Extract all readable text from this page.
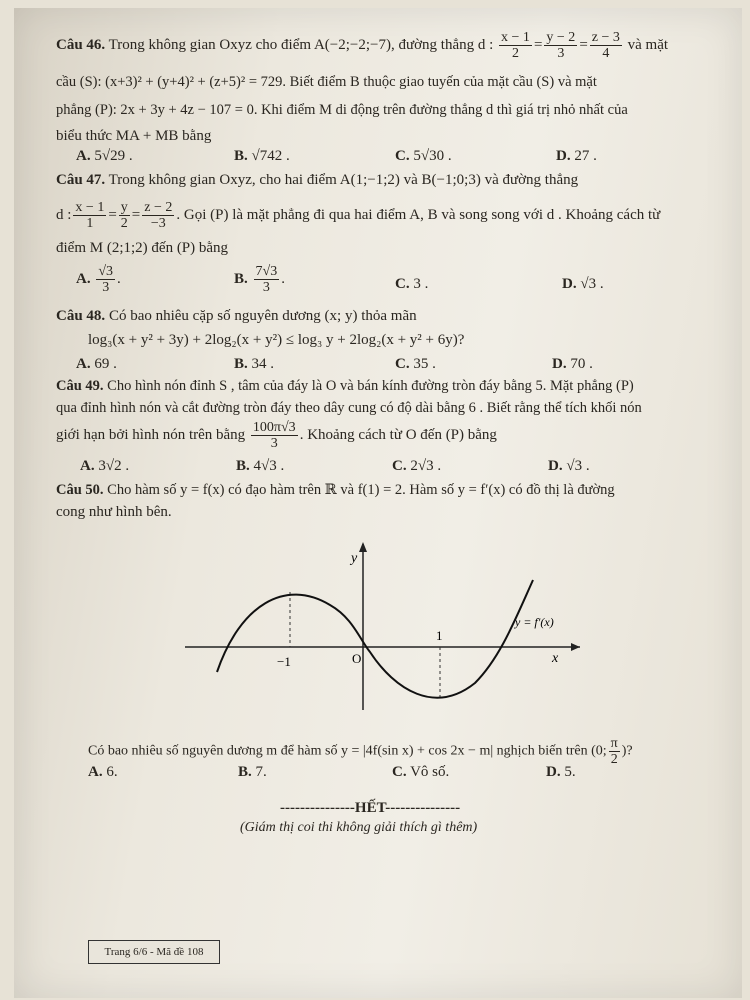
Câu 46. Trong không gian Oxyz cho điểm A(−2;−2;−7), đường thẳng d : $\frac{x - 1}{2} = \frac{y - 2}{3} = \frac{z - 3}{4}$ và mặt
cầu (S): (x+3)² + (y+4)² + (z+5)² = 729. Biết điểm B thuộc giao tuyến của mặt cầu (S) và mặt
phẳng (P): 2x + 3y + 4z − 107 = 0. Khi điểm M di động trên đường thẳng d thì giá trị nhỏ nhất của
biểu thức MA + MB bằng
A. 5√29 .	B. √742 .	C. 5√30 .	D. 27 .
Câu 47. Trong không gian Oxyz, cho hai điểm A(1;−1;2) và B(−1;0;3) và đường thẳng
d : $\frac{x - 1}{1} = \frac{y}{2} = \frac{z - 2}{-3}$ . Gọi (P) là mặt phẳng đi qua hai điểm A, B và song song với d . Khoảng cách từ
điểm M (2;1;2) đến (P) bằng
A. $\frac{√3}{3}$ .	B. $\frac{7√3}{3}$ .	C. 3 .	D. √3 .
Câu 48. Có bao nhiêu cặp số nguyên dương (x; y) thỏa mãn
log₃(x + y² + 3y) + 2log₂(x + y²) ≤ log₃ y + 2log₂(x + y² + 6y)?
A. 69 .	B. 34 .	C. 35 .	D. 70 .
Câu 49. Cho hình nón đỉnh S , tâm của đáy là O và bán kính đường tròn đáy bằng 5. Mặt phẳng (P)
qua đỉnh hình nón và cắt đường tròn đáy theo dây cung có độ dài bằng 6 . Biết rằng thể tích khối nón
giới hạn bởi hình nón trên bằng $\frac{100\pi√3}{3}$ . Khoảng cách từ O đến (P) bằng
A. 3√2 .	B. 4√3 .	C. 2√3 .	D. √3 .
Câu 50. Cho hàm số y = f(x) có đạo hàm trên ℝ và f(1) = 2. Hàm số y = f′(x) có đồ thị là đường
cong như hình bên.
y
x
O
−1
1
y = f′(x)
Có bao nhiêu số nguyên dương m để hàm số y = |4f(sin x) + cos 2x − m| nghịch biến trên (0; $\frac{\pi}{2}$ )?
A. 6.	B. 7.	C. Vô số.	D. 5.
---------------HẾT---------------
(Giám thị coi thi không giải thích gì thêm)
Trang 6/6 - Mã đề 108
